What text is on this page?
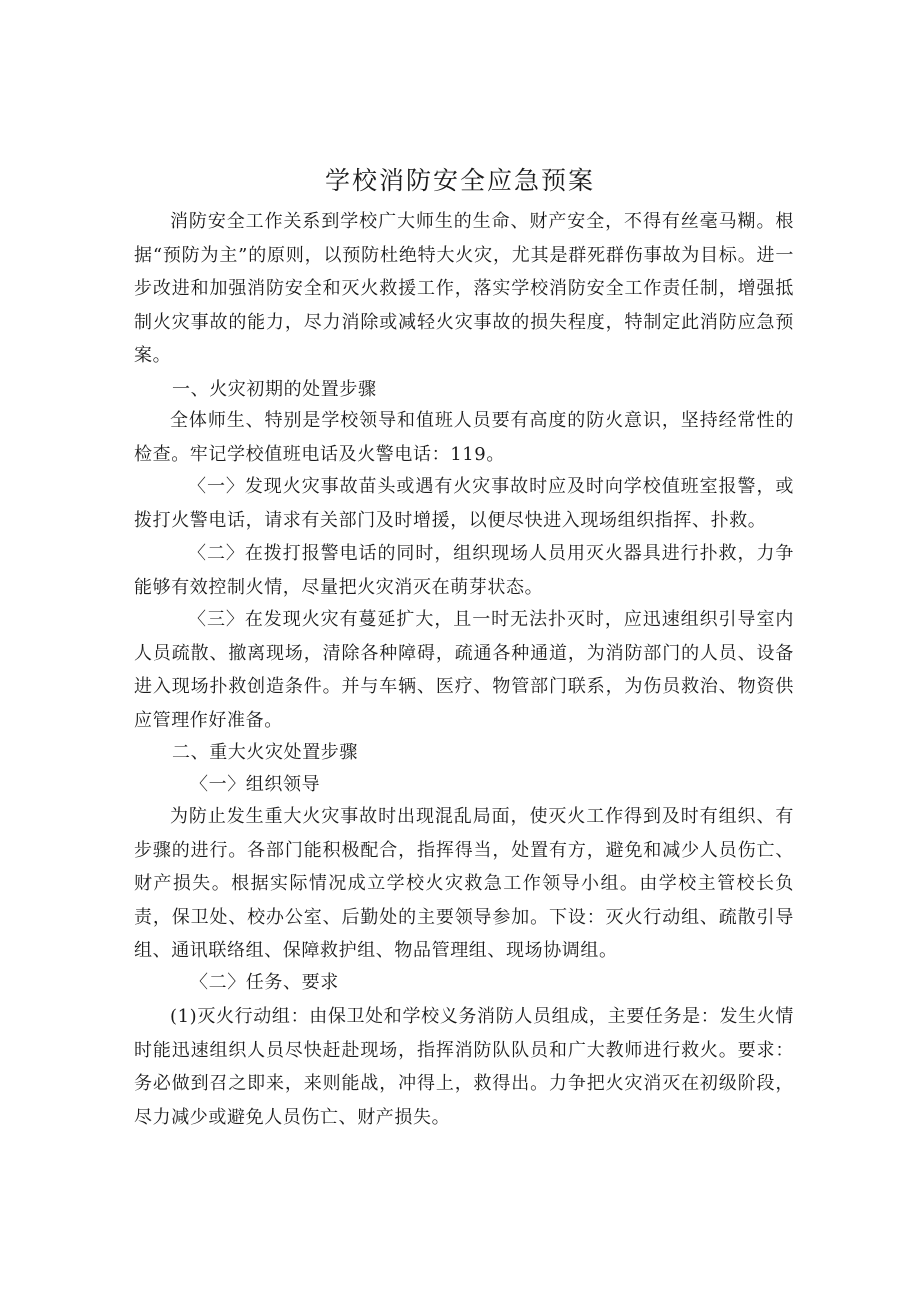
学校消防安全应急预案
消防安全工作关系到学校广大师生的生命、财产安全，不得有丝毫马糊。根据“预防为主”的原则，以预防杜绝特大火灾，尤其是群死群伤事故为目标。进一步改进和加强消防安全和灭火救援工作，落实学校消防安全工作责任制，增强抵制火灾事故的能力，尽力消除或减轻火灾事故的损失程度，特制定此消防应急预案。
一、火灾初期的处置步骤
全体师生、特别是学校领导和值班人员要有高度的防火意识，坚持经常性的检查。牢记学校值班电话及火警电话：119。
〈一〉发现火灾事故苗头或遇有火灾事故时应及时向学校值班室报警，或拨打火警电话，请求有关部门及时增援，以便尽快进入现场组织指挥、扑救。
〈二〉在拨打报警电话的同时，组织现场人员用灭火器具进行扑救，力争能够有效控制火情，尽量把火灾消灭在萌芽状态。
〈三〉在发现火灾有蔓延扩大，且一时无法扑灭时，应迅速组织引导室内人员疏散、撤离现场，清除各种障碍，疏通各种通道，为消防部门的人员、设备进入现场扑救创造条件。并与车辆、医疗、物管部门联系，为伤员救治、物资供应管理作好准备。
二、重大火灾处置步骤
〈一〉组织领导
为防止发生重大火灾事故时出现混乱局面，使灭火工作得到及时有组织、有步骤的进行。各部门能积极配合，指挥得当，处置有方，避免和减少人员伤亡、财产损失。根据实际情况成立学校火灾救急工作领导小组。由学校主管校长负责，保卫处、校办公室、后勤处的主要领导参加。下设：灭火行动组、疏散引导组、通讯联络组、保障救护组、物品管理组、现场协调组。
〈二〉任务、要求
(1)灭火行动组：由保卫处和学校义务消防人员组成，主要任务是：发生火情时能迅速组织人员尽快赶赴现场，指挥消防队队员和广大教师进行救火。要求：务必做到召之即来，来则能战，冲得上，救得出。力争把火灾消灭在初级阶段，尽力减少或避免人员伤亡、财产损失。
